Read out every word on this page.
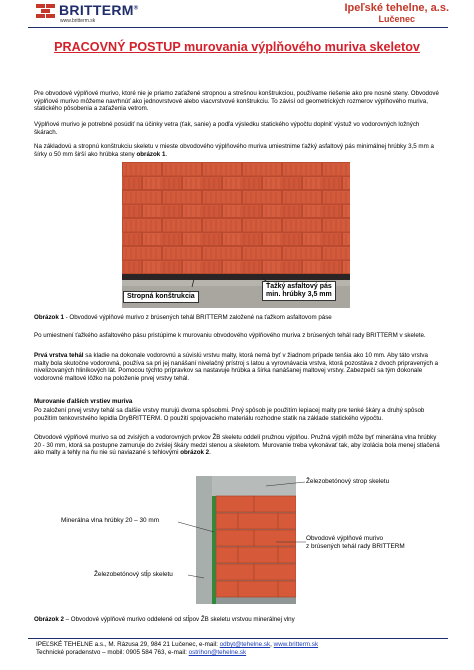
BRITTERM®
www.britterm.sk
Ipeľské tehelne, a.s.
Lučenec
PRACOVNÝ POSTUP murovania výplňového muriva skeletov

Pre obvodové výplňové murivo, ktoré nie je priamo zaťažené stropnou a strešnou konštrukciou, používame riešenie ako pre nosné steny. Obvodové výplňové murivo môžeme navrhnúť ako jednovrstvové alebo viacvrstvové konštrukciu. To závisí od geometrických rozmerov výplňového muriva, statického pôsobenia a zaťaženia vetrom.

Výplňové murivo je potrebné posúdiť na účinky vetra (ťak, sanie) a podľa výsledku statického výpočtu doplniť výstuž vo vodorovných ložných škárach.

Na základovú a stropnú konštrukciu skeletu v mieste obvodového výplňového muriva umiestnime ťažký asfaltový pás minimálnej hrúbky 3,5 mm a šírky o 50 mm širší ako hrúbka steny obrázok 1.

Stropná konštrukcia
Ťažký asfaltový pás
min. hrúbky 3,5 mm

Obrázok 1 - Obvodové výplňové murivo z brúsených tehál BRITTERM založené na ťažkom asfaltovom páse

Po umiestnení ťažkého asfaltového pásu pristúpime k murovaniu obvodového výplňového muriva z brúsených tehál rady BRITTERM v skelete.

Prvá vrstva tehál sa kladie na dokonale vodorovnú a súvislú vrstvu malty, ktorá nemá byť v žiadnom prípade tenšia ako 10 mm. Aby táto vrstva malty bola skutočne vodorovná, používa sa pri jej nanášaní nivelačný prístroj s latou a vyrovnávacia vrstva, ktorá pozostáva z dvoch pripravených a nivelizovaných hliníkových lát. Pomocou týchto prípravkov sa nastavuje hrúbka a šírka nanášanej maltovej vrstvy. Zabezpečí sa tým dokonale vodorovné maltové lôžko na položenie prvej vrstvy tehál.

Murovanie ďalších vrstiev muriva

Po založení prvej vrstvy tehál sa ďalšie vrstvy murujú dvoma spôsobmi. Prvý spôsob je použitím lepiacej malty pre tenké škáry a druhý spôsob použitím tenkovrstvého lepidla DryBRITTERM. O použití spojovacieho materiálu rozhodne statik na základe statického výpočtu.

Obvodové výplňové murivo sa od zvislých a vodorovných prvkov ŽB skeletu oddelí pružnou výplňou. Pružná výplň môže byť minerálna vlna hrúbky 20 - 30 mm, ktorá sa postupne zamuruje do zvislej škáry medzi stenou a skeletom. Murovanie treba vykonávať tak, aby izolácia bola menej stlačená ako malty a tehly na ňu nie sú naviazané s tehlovými obrázok 2.

Železobetónový strop skeletu
Minerálna vlna hrúbky 20 – 30 mm
Obvodové výplňové murivo
z brúsených tehál rady BRITTERM
Železobetónový stĺp skeletu

Obrázok 2 – Obvodové výplňové murivo oddelené od stĺpov ŽB skeletu vrstvou minerálnej vlny

IPEĽSKÉ TEHELNE a.s., M. Rázusa 29, 984 21 Lučenec, e-mail: odbyt@tehelne.sk, www.britterm.sk
Technické poradenstvo – mobil: 0905 584 763, e-mail: ostrihon@tehelne.sk
